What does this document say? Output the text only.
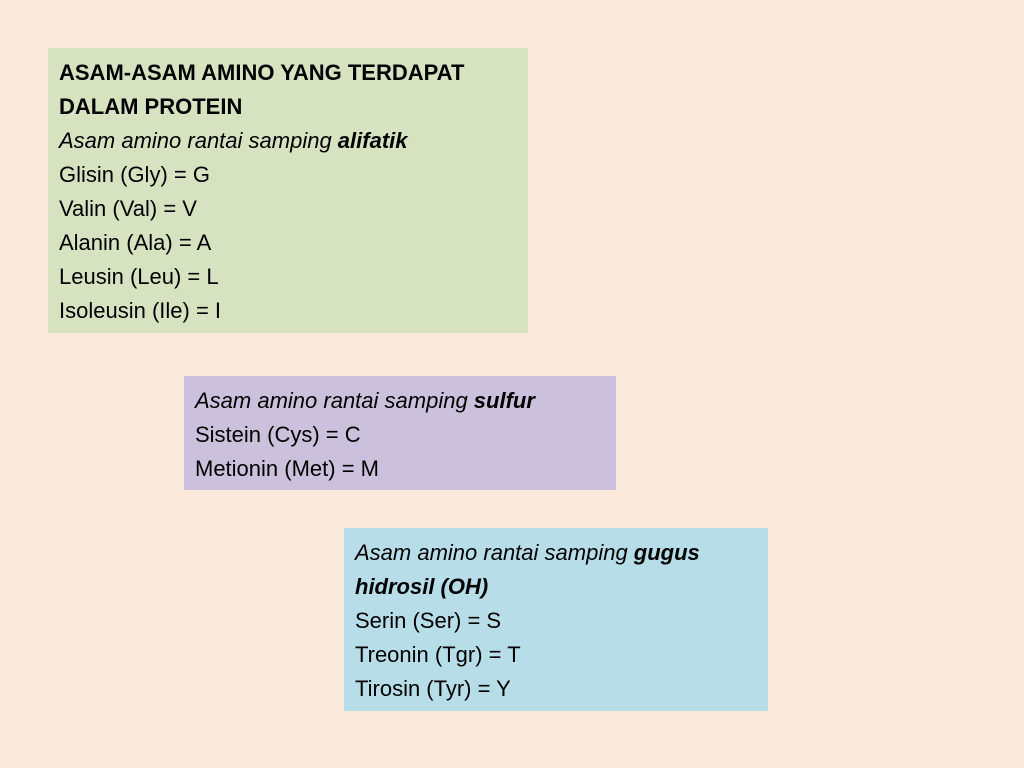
ASAM-ASAM AMINO YANG TERDAPAT DALAM PROTEIN
Asam amino rantai samping alifatik
Glisin (Gly) = G
Valin (Val) = V
Alanin (Ala) = A
Leusin (Leu) = L
Isoleusin (Ile) = I
Asam amino rantai samping sulfur
Sistein (Cys) = C
Metionin (Met) = M
Asam amino rantai samping gugus hidrosil (OH)
Serin (Ser) = S
Treonin (Tgr) = T
Tirosin (Tyr) = Y
